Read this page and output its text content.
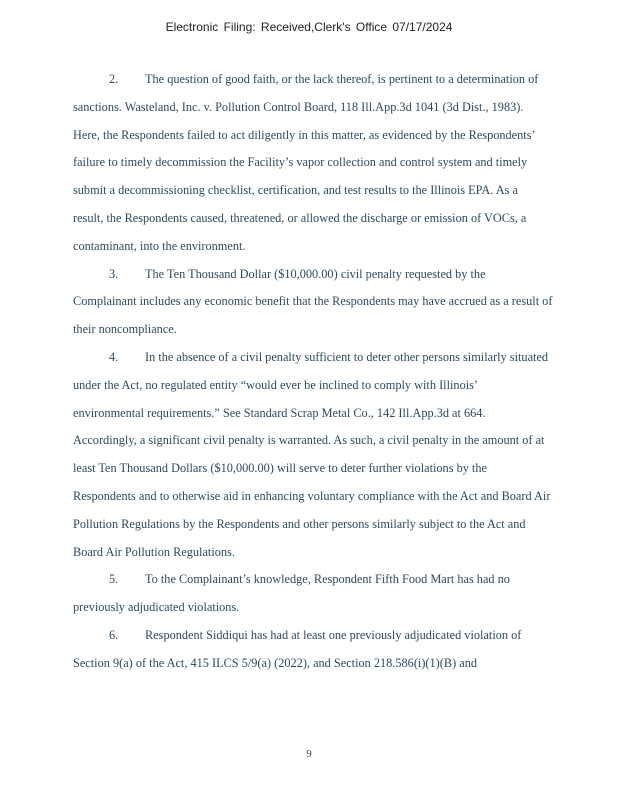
Electronic Filing: Received,Clerk's Office 07/17/2024
2. The question of good faith, or the lack thereof, is pertinent to a determination of
sanctions. Wasteland, Inc. v. Pollution Control Board, 118 Ill.App.3d 1041 (3d Dist., 1983).
Here, the Respondents failed to act diligently in this matter, as evidenced by the Respondents’
failure to timely decommission the Facility’s vapor collection and control system and timely
submit a decommissioning checklist, certification, and test results to the Illinois EPA. As a
result, the Respondents caused, threatened, or allowed the discharge or emission of VOCs, a
contaminant, into the environment.
3. The Ten Thousand Dollar ($10,000.00) civil penalty requested by the
Complainant includes any economic benefit that the Respondents may have accrued as a result of
their noncompliance.
4. In the absence of a civil penalty sufficient to deter other persons similarly situated
under the Act, no regulated entity “would ever be inclined to comply with Illinois’
environmental requirements.” See Standard Scrap Metal Co., 142 Ill.App.3d at 664.
Accordingly, a significant civil penalty is warranted. As such, a civil penalty in the amount of at
least Ten Thousand Dollars ($10,000.00) will serve to deter further violations by the
Respondents and to otherwise aid in enhancing voluntary compliance with the Act and Board Air
Pollution Regulations by the Respondents and other persons similarly subject to the Act and
Board Air Pollution Regulations.
5. To the Complainant’s knowledge, Respondent Fifth Food Mart has had no
previously adjudicated violations.
6. Respondent Siddiqui has had at least one previously adjudicated violation of
Section 9(a) of the Act, 415 ILCS 5/9(a) (2022), and Section 218.586(i)(1)(B) and
9
